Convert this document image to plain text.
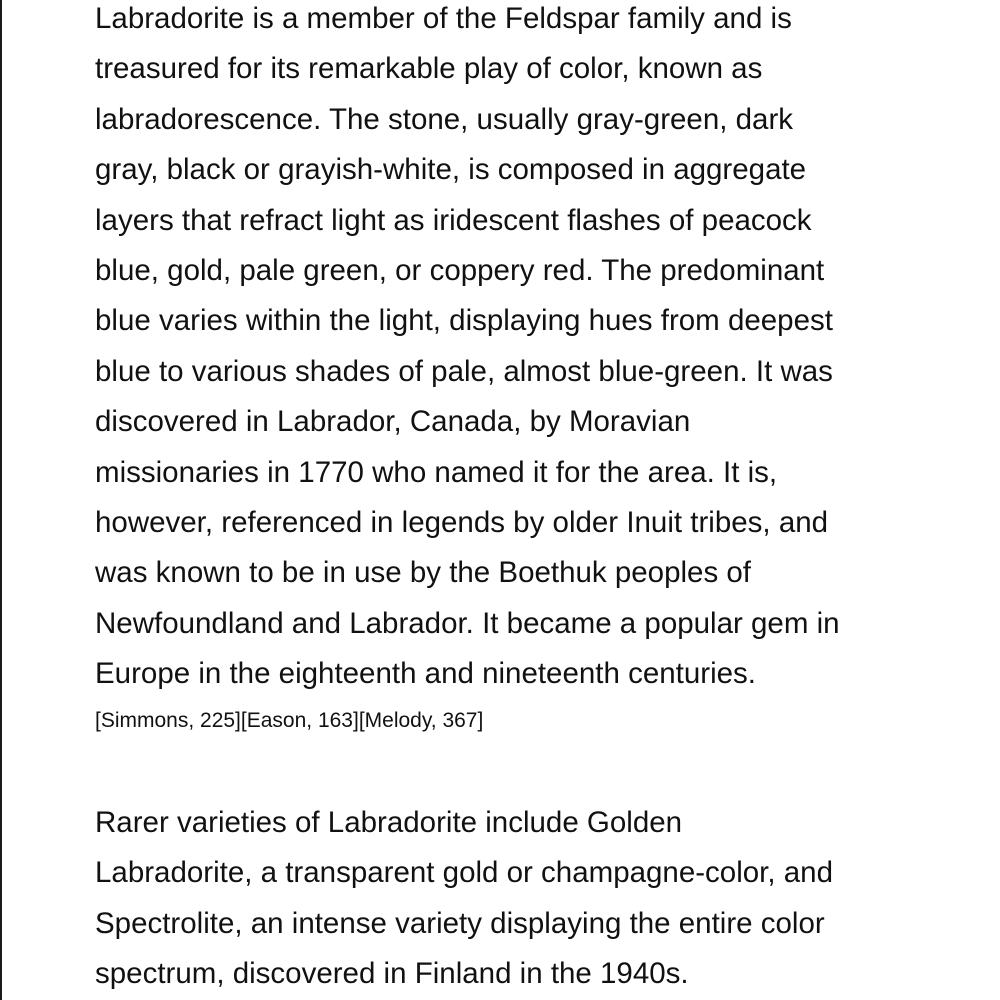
Labradorite is a member of the Feldspar family and is
treasured for its remarkable play of color, known as
labradorescence. The stone, usually gray-green, dark
gray, black or grayish-white, is composed in aggregate
layers that refract light as iridescent flashes of peacock
blue, gold, pale green, or coppery red. The predominant
blue varies within the light, displaying hues from deepest
blue to various shades of pale, almost blue-green. It was
discovered in Labrador, Canada, by Moravian
missionaries in 1770 who named it for the area. It is,
however, referenced in legends by older Inuit tribes, and
was known to be in use by the Boethuk peoples of
Newfoundland and Labrador. It became a popular gem in
Europe in the eighteenth and nineteenth centuries.

[Simmons, 225][Eason, 163][Melody, 367]

Rarer varieties of Labradorite include Golden
Labradorite, a transparent gold or champagne-color, and
Spectrolite, an intense variety displaying the entire color
spectrum, discovered in Finland in the 1940s.
